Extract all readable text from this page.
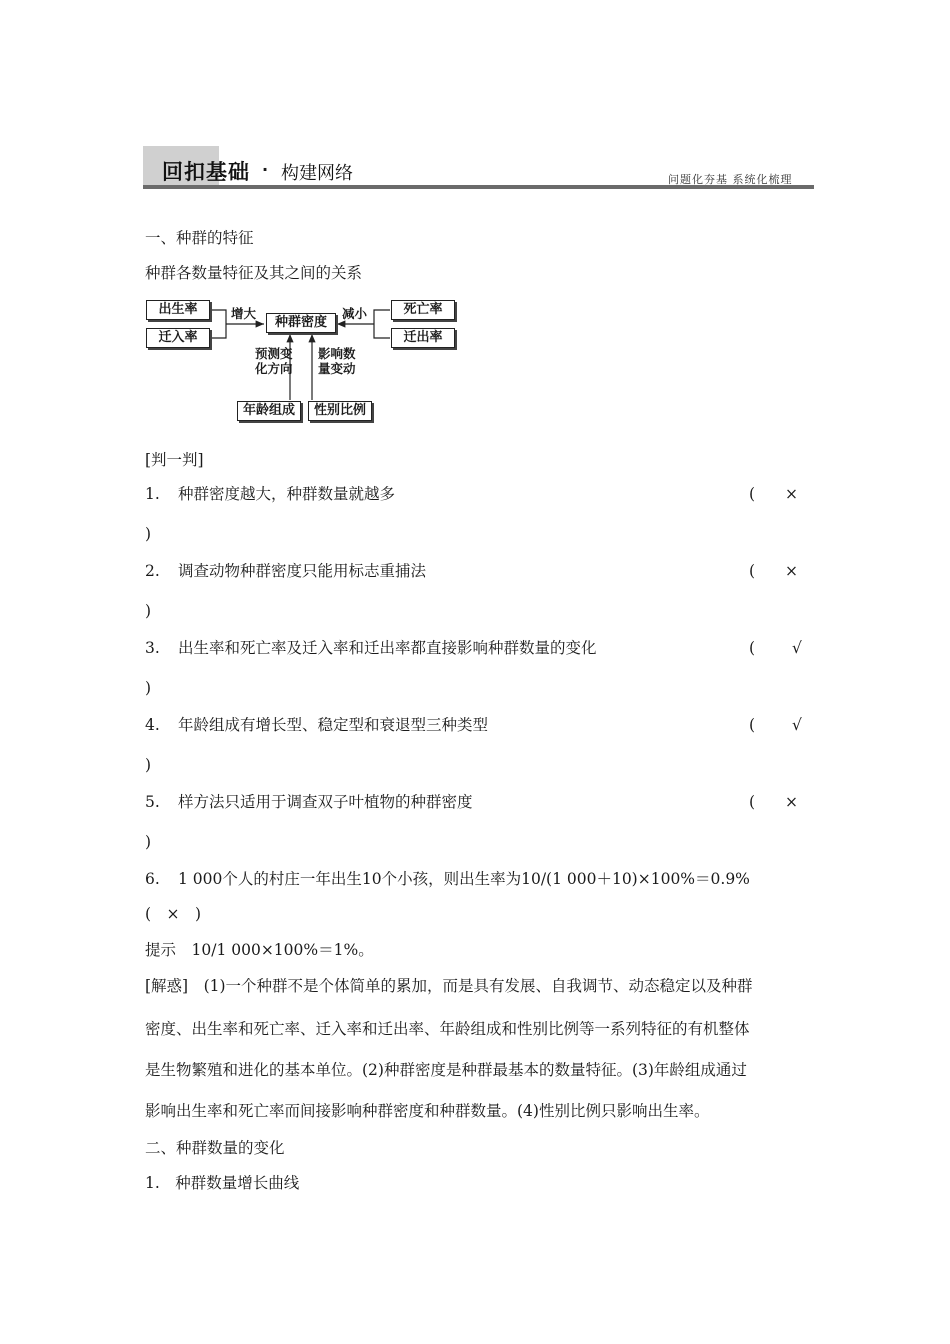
回扣基础 · 构建网络	问题化夯基 系统化梳理
一、种群的特征
种群各数量特征及其之间的关系
出生率
迁入率
种群密度
死亡率
迁出率
年龄组成	性别比例
增大	减小
预测变化方向
影响数量变动
[判一判]
1. 种群密度越大，种群数量就越多	( ×
)
2. 调查动物种群密度只能用标志重捕法	( ×
)
3. 出生率和死亡率及迁入率和迁出率都直接影响种群数量的变化	( √
)
4. 年龄组成有增长型、稳定型和衰退型三种类型	( √
)
5. 样方法只适用于调查双子叶植物的种群密度	( ×
)
6. 1 000个人的村庄一年出生10个小孩，则出生率为10/(1 000＋10)×100%＝0.9%
(　×　)
提示　10/1 000×100%＝1%。
[解惑]　(1)一个种群不是个体简单的累加，而是具有发展、自我调节、动态稳定以及种群
密度、出生率和死亡率、迁入率和迁出率、年龄组成和性别比例等一系列特征的有机整体
是生物繁殖和进化的基本单位。(2)种群密度是种群最基本的数量特征。(3)年龄组成通过
影响出生率和死亡率而间接影响种群密度和种群数量。(4)性别比例只影响出生率。
二、种群数量的变化
1.　种群数量增长曲线
